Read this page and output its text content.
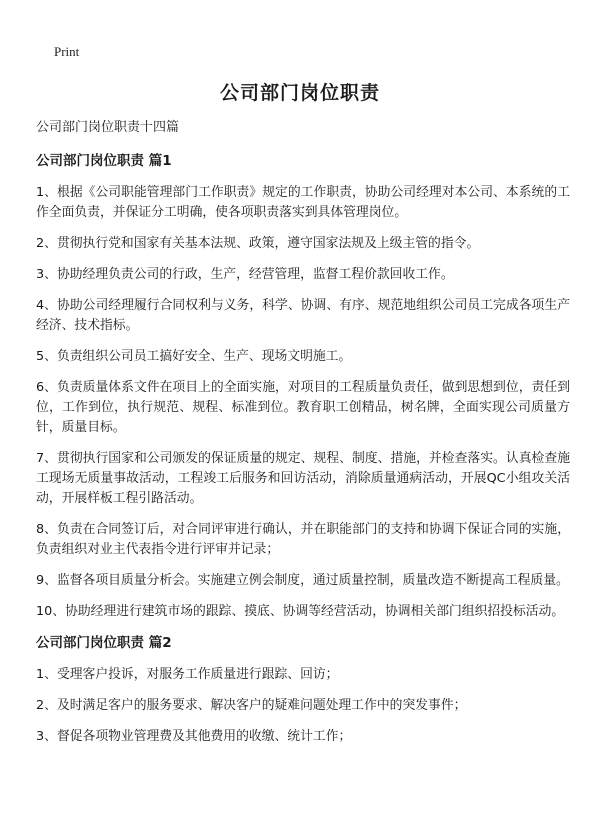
Print

公司部门岗位职责

公司部门岗位职责十四篇

公司部门岗位职责 篇1

1、根据《公司职能管理部门工作职责》规定的工作职责，协助公司经理对本公司、本系统的工作全面负责，并保证分工明确，使各项职责落实到具体管理岗位。

2、贯彻执行党和国家有关基本法规、政策，遵守国家法规及上级主管的指令。

3、协助经理负责公司的行政，生产，经营管理，监督工程价款回收工作。

4、协助公司经理履行合同权利与义务，科学、协调、有序、规范地组织公司员工完成各项生产经济、技术指标。

5、负责组织公司员工搞好安全、生产、现场文明施工。

6、负责质量体系文件在项目上的全面实施，对项目的工程质量负责任，做到思想到位，责任到位，工作到位，执行规范、规程、标准到位。教育职工创精品，树名牌，全面实现公司质量方针，质量目标。

7、贯彻执行国家和公司颁发的保证质量的规定、规程、制度、措施，并检查落实。认真检查施工现场无质量事故活动，工程竣工后服务和回访活动，消除质量通病活动，开展QC小组攻关活动，开展样板工程引路活动。

8、负责在合同签订后，对合同评审进行确认，并在职能部门的支持和协调下保证合同的实施，负责组织对业主代表指令进行评审并记录；

9、监督各项目质量分析会。实施建立例会制度，通过质量控制，质量改造不断提高工程质量。

10、协助经理进行建筑市场的跟踪、摸底、协调等经营活动，协调相关部门组织招投标活动。

公司部门岗位职责 篇2

1、受理客户投诉，对服务工作质量进行跟踪、回访；

2、及时满足客户的服务要求、解决客户的疑难问题处理工作中的突发事件；

3、督促各项物业管理费及其他费用的收缴、统计工作；
